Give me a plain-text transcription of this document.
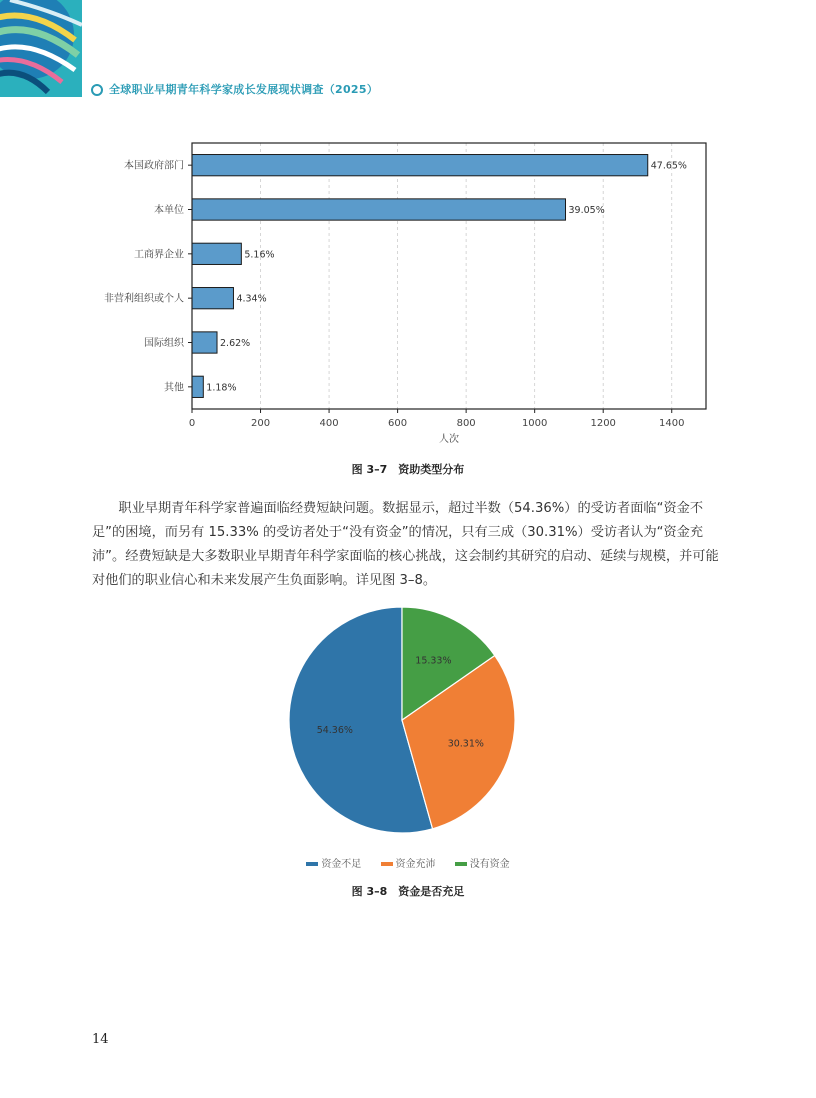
全球职业早期青年科学家成长发展现状调查（2025）
47.65%
39.05%
5.16%
4.34%
2.62%
1.18%
本国政府部门
本单位
工商界企业
非营利组织或个人
国际组织
其他
0	200	400	600	800	1000	1200	1400
人次
图 3–7　资助类型分布

职业早期青年科学家普遍面临经费短缺问题。数据显示，超过半数（54.36%）的受访者面临“资金不足”的困境，而另有 15.33% 的受访者处于“没有资金”的情况，只有三成（30.31%）受访者认为“资金充沛”。经费短缺是大多数职业早期青年科学家面临的核心挑战，这会制约其研究的启动、延续与规模，并可能对他们的职业信心和未来发展产生负面影响。详见图 3–8。

54.36%
30.31%
15.33%
资金不足	资金充沛	没有资金
图 3–8　资金是否充足
14
